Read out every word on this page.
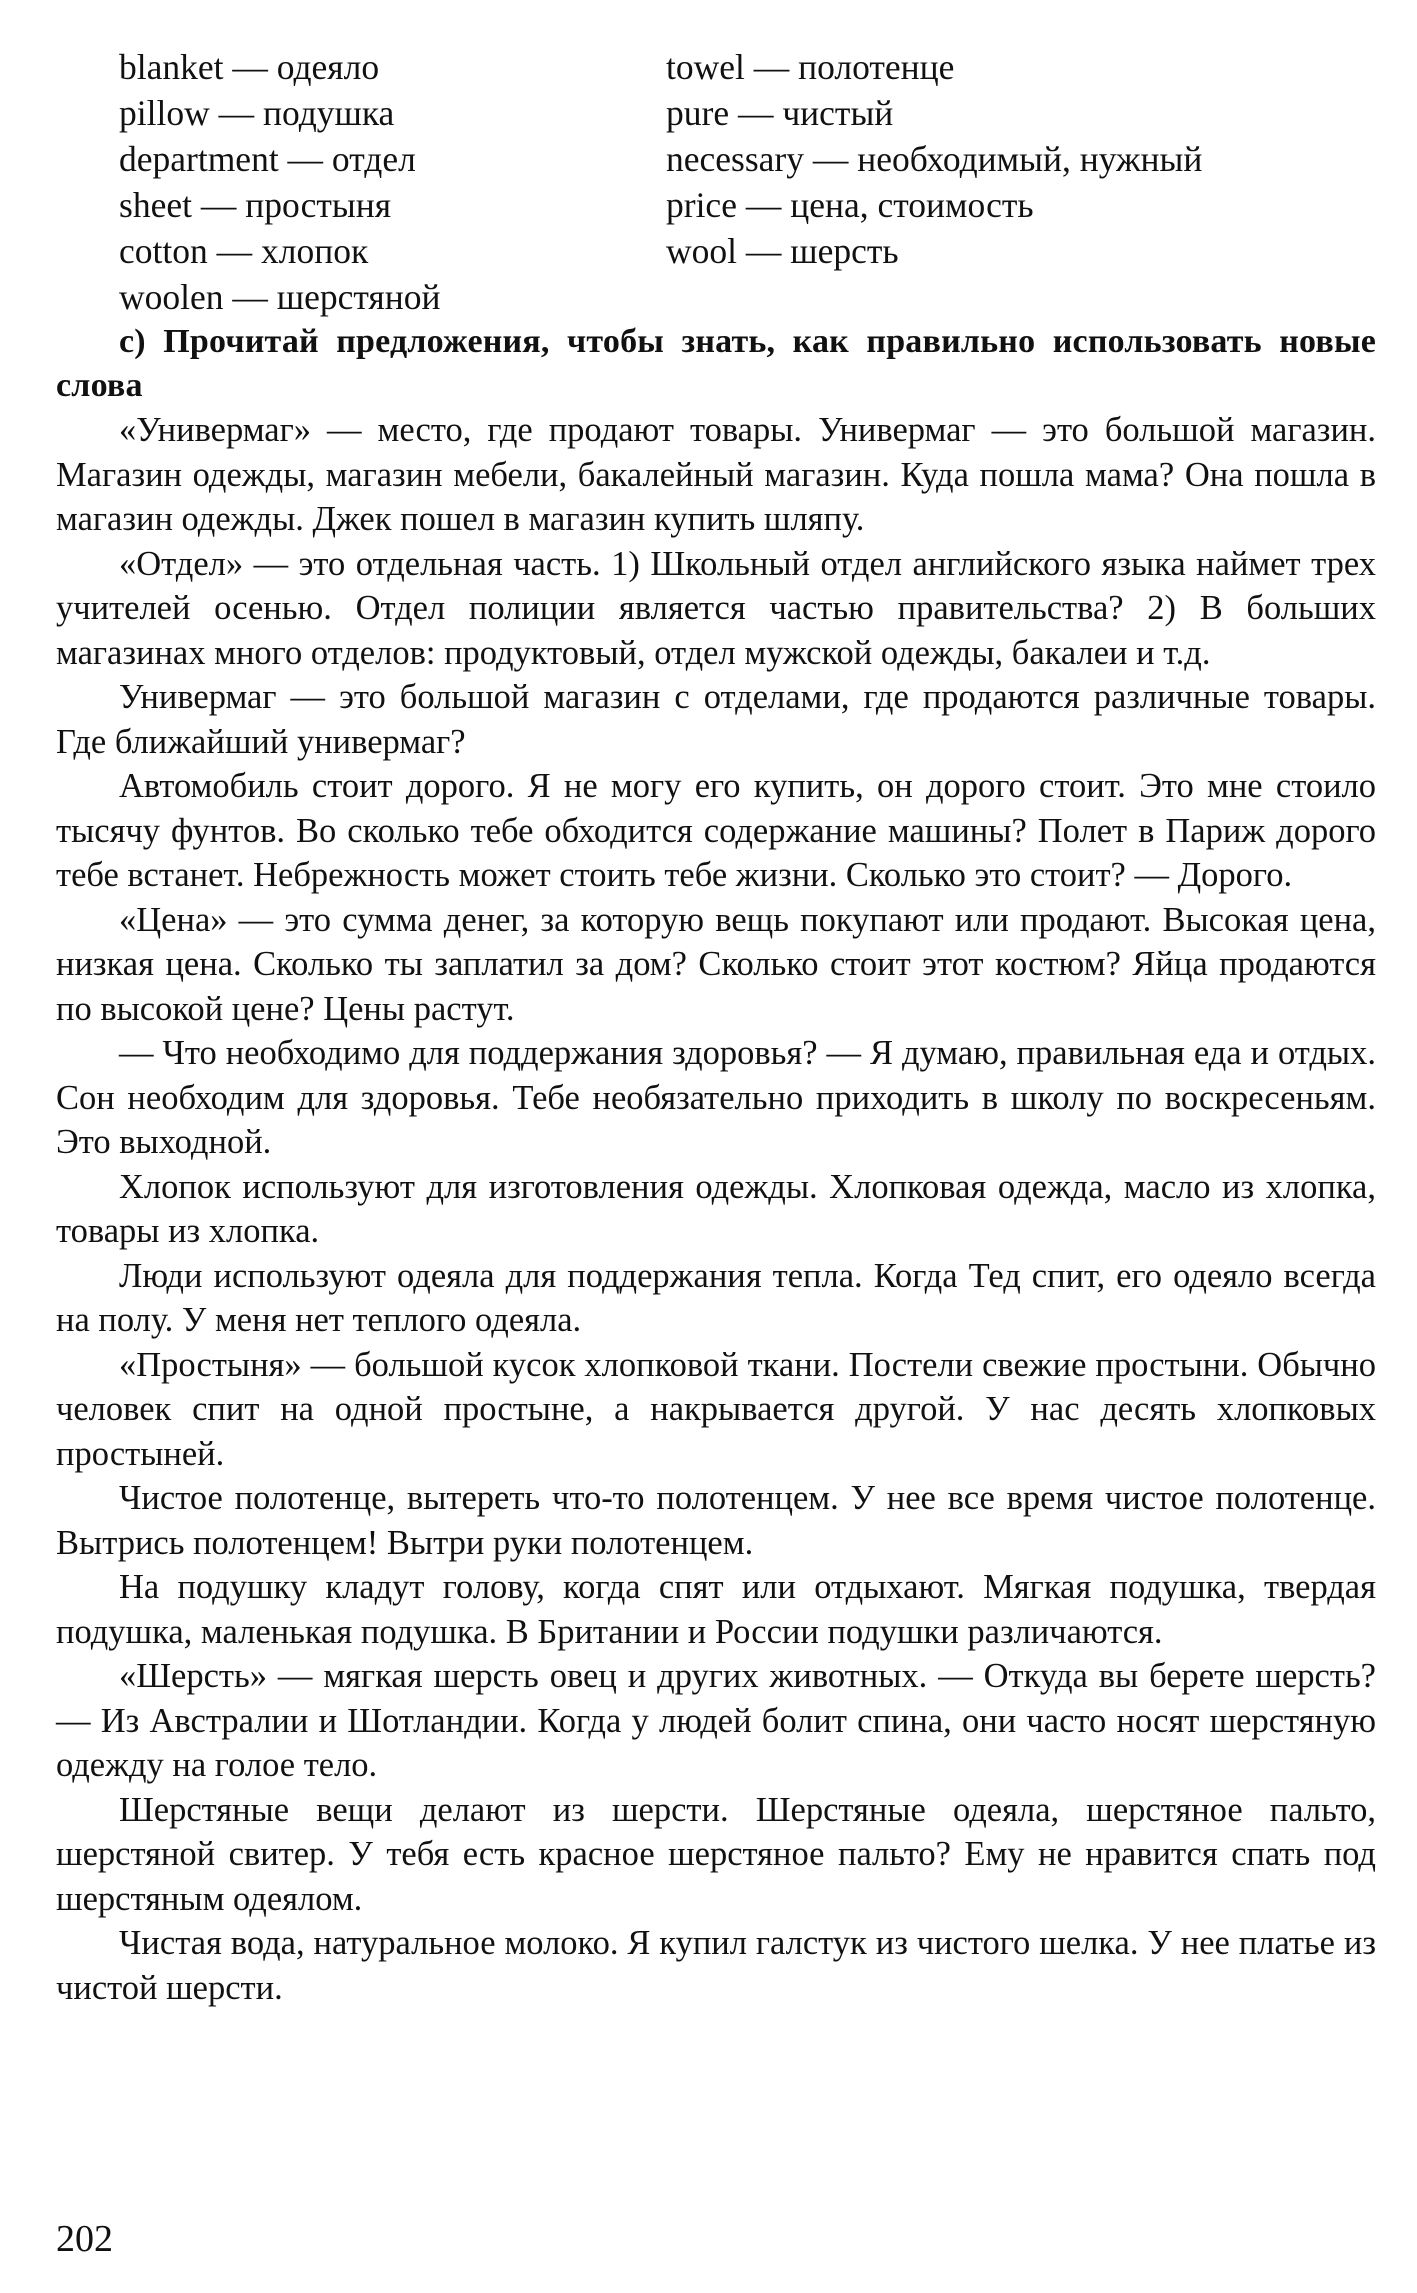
blanket — одеяло
pillow — подушка
department — отдел
sheet — простыня
cotton — хлопок
woolen — шерстяной
towel — полотенце
pure — чистый
necessary — необходимый, нужный
price — цена, стоимость
wool — шерсть
c) Прочитай предложения, чтобы знать, как правильно использовать новые слова

«Универмаг» — место, где продают товары. Универмаг — это большой магазин. Магазин одежды, магазин мебели, бакалейный магазин. Куда пошла мама? Она пошла в магазин одежды. Джек пошел в магазин купить шляпу.

«Отдел» — это отдельная часть. 1) Школьный отдел английского языка наймет трех учителей осенью. Отдел полиции является частью правительства? 2) В больших магазинах много отделов: продуктовый, отдел мужской одежды, бакалеи и т.д.

Универмаг — это большой магазин с отделами, где продаются различные товары. Где ближайший универмаг?

Автомобиль стоит дорого. Я не могу его купить, он дорого стоит. Это мне стоило тысячу фунтов. Во сколько тебе обходится содержание машины? Полет в Париж дорого тебе встанет. Небрежность может стоить тебе жизни. Сколько это стоит? — Дорого.

«Цена» — это сумма денег, за которую вещь покупают или продают. Высокая цена, низкая цена. Сколько ты заплатил за дом? Сколько стоит этот костюм? Яйца продаются по высокой цене? Цены растут.

— Что необходимо для поддержания здоровья? — Я думаю, правильная еда и отдых. Сон необходим для здоровья. Тебе необязательно приходить в школу по воскресеньям. Это выходной.

Хлопок используют для изготовления одежды. Хлопковая одежда, масло из хлопка, товары из хлопка.

Люди используют одеяла для поддержания тепла. Когда Тед спит, его одеяло всегда на полу. У меня нет теплого одеяла.

«Простыня» — большой кусок хлопковой ткани. Постели свежие простыни. Обычно человек спит на одной простыне, а накрывается другой. У нас десять хлопковых простыней.

Чистое полотенце, вытереть что-то полотенцем. У нее все время чистое полотенце. Вытрись полотенцем! Вытри руки полотенцем.

На подушку кладут голову, когда спят или отдыхают. Мягкая подушка, твердая подушка, маленькая подушка. В Британии и России подушки различаются.

«Шерсть» — мягкая шерсть овец и других животных. — Откуда вы берете шерсть? — Из Австралии и Шотландии. Когда у людей болит спина, они часто носят шерстяную одежду на голое тело.

Шерстяные вещи делают из шерсти. Шерстяные одеяла, шерстяное пальто, шерстяной свитер. У тебя есть красное шерстяное пальто? Ему не нравится спать под шерстяным одеялом.

Чистая вода, натуральное молоко. Я купил галстук из чистого шелка. У нее платье из чистой шерсти.

202
